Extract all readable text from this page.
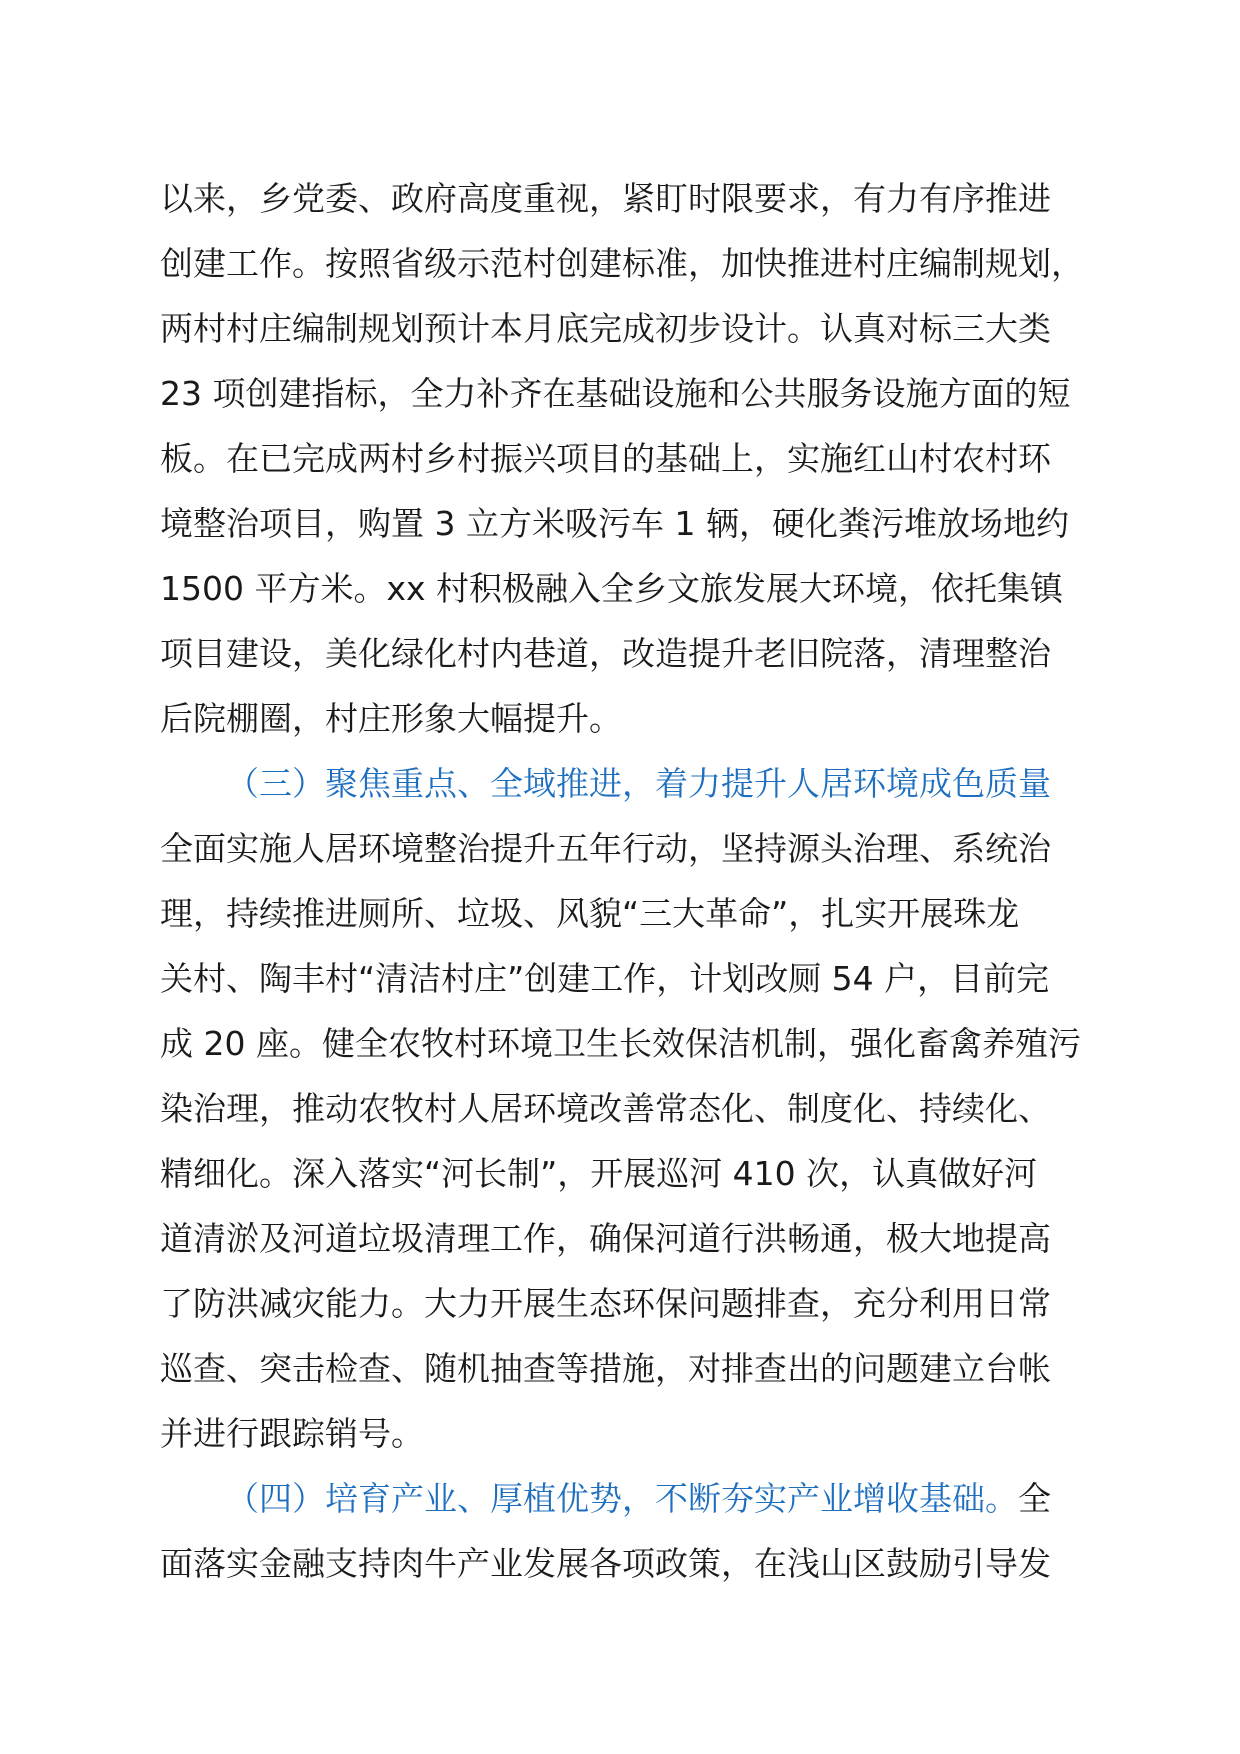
以来，乡党委、政府高度重视，紧盯时限要求，有力有序推进
创建工作。按照省级示范村创建标准，加快推进村庄编制规划，
两村村庄编制规划预计本月底完成初步设计。认真对标三大类
23 项创建指标，全力补齐在基础设施和公共服务设施方面的短
板。在已完成两村乡村振兴项目的基础上，实施红山村农村环
境整治项目，购置 3 立方米吸污车 1 辆，硬化粪污堆放场地约
1500 平方米。xx 村积极融入全乡文旅发展大环境，依托集镇
项目建设，美化绿化村内巷道，改造提升老旧院落，清理整治
后院棚圈，村庄形象大幅提升。
（三）聚焦重点、全域推进，着力提升人居环境成色质量
全面实施人居环境整治提升五年行动，坚持源头治理、系统治
理，持续推进厕所、垃圾、风貌“三大革命”，扎实开展珠龙
关村、陶丰村“清洁村庄”创建工作，计划改厕 54 户，目前完
成 20 座。健全农牧村环境卫生长效保洁机制，强化畜禽养殖污
染治理，推动农牧村人居环境改善常态化、制度化、持续化、
精细化。深入落实“河长制”，开展巡河 410 次，认真做好河
道清淤及河道垃圾清理工作，确保河道行洪畅通，极大地提高
了防洪减灾能力。大力开展生态环保问题排查，充分利用日常
巡查、突击检查、随机抽查等措施，对排查出的问题建立台帐
并进行跟踪销号。
（四）培育产业、厚植优势，不断夯实产业增收基础。全
面落实金融支持肉牛产业发展各项政策，在浅山区鼓励引导发
